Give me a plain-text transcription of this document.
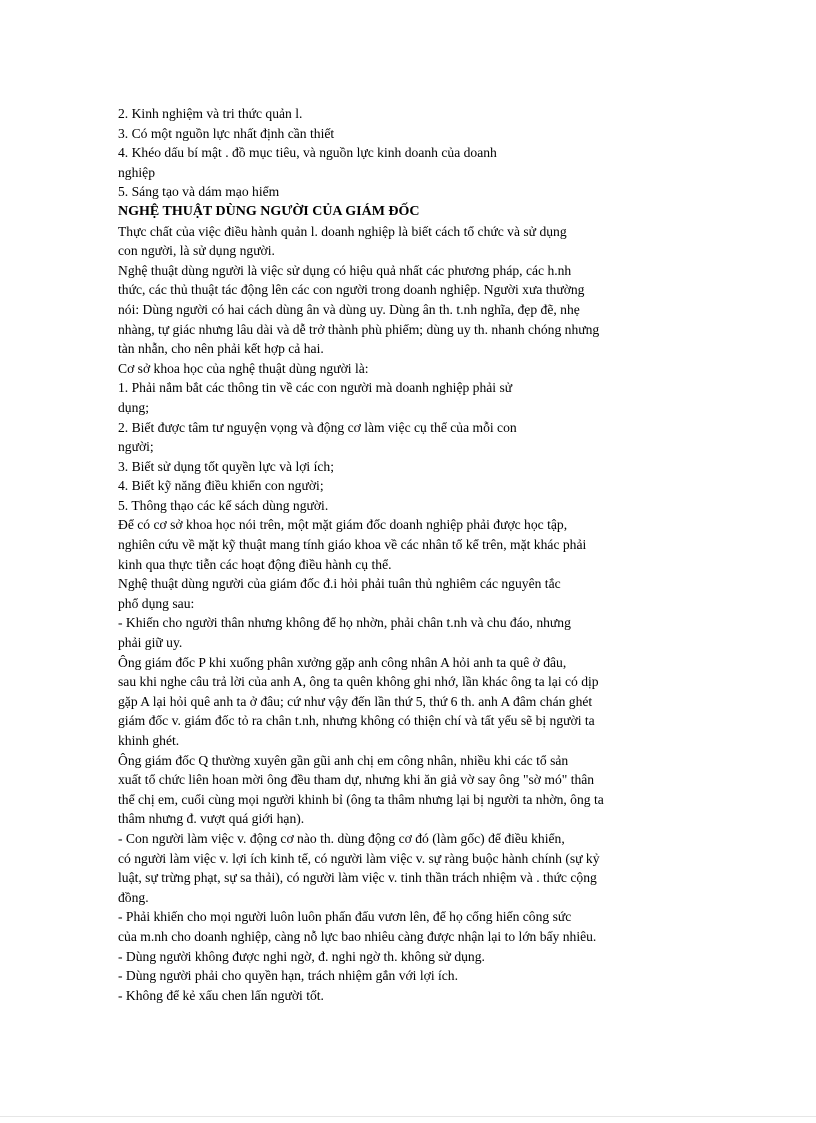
2. Kinh nghiệm và tri thức quản l.
3. Có một nguồn lực nhất định cần thiết
4. Khéo dấu bí mật . đồ mục tiêu, và nguồn lực kinh doanh của doanh
nghiệp
5. Sáng tạo và dám mạo hiểm
NGHỆ THUẬT DÙNG NGƯỜI CỦA GIÁM ĐỐC
Thực chất của việc điều hành quản l. doanh nghiệp là biết cách tổ chức và sử dụng
con người, là sử dụng người.
Nghệ thuật dùng người là việc sử dụng có hiệu quả nhất các phương pháp, các h.nh
thức, các thủ thuật tác động lên các con người trong doanh nghiệp. Người xưa thường
nói: Dùng người có hai cách dùng ân và dùng uy. Dùng ân th. t.nh nghĩa, đẹp đẽ, nhẹ
nhàng, tự giác nhưng lâu dài và dễ trở thành phù phiếm; dùng uy th. nhanh chóng nhưng
tàn nhẫn, cho nên phải kết hợp cả hai.
Cơ sở khoa học của nghệ thuật dùng người là:
1. Phải nắm bắt các thông tin về các con người mà doanh nghiệp phải sử
dụng;
2. Biết được tâm tư nguyện vọng và động cơ làm việc cụ thể của mỗi con
người;
3. Biết sử dụng tốt quyền lực và lợi ích;
4. Biết kỹ năng điều khiển con người;
5. Thông thạo các kế sách dùng người.
Để có cơ sở khoa học nói trên, một mặt giám đốc doanh nghiệp phải được học tập,
nghiên cứu về mặt kỹ thuật mang tính giáo khoa về các nhân tố kể trên, mặt khác phải
kinh qua thực tiễn các hoạt động điều hành cụ thể.
Nghệ thuật dùng người của giám đốc đ.i hỏi phải tuân thủ nghiêm các nguyên tắc
phổ dụng sau:
- Khiến cho người thân nhưng không để họ nhờn, phải chân t.nh và chu đáo, nhưng
phải giữ uy.
Ông giám đốc P khi xuống phân xưởng gặp anh công nhân A hỏi anh ta quê ở đâu,
sau khi nghe câu trả lời của anh A, ông ta quên không ghi nhớ, lần khác ông ta lại có dịp
gặp A lại hỏi quê anh ta ở đâu; cứ như vậy đến lần thứ 5, thứ 6 th. anh A đâm chán ghét
giám đốc v. giám đốc tỏ ra chân t.nh, nhưng không có thiện chí và tất yếu sẽ bị người ta
khinh ghét.
Ông giám đốc Q thường xuyên gần gũi anh chị em công nhân, nhiều khi các tổ sản
xuất tổ chức liên hoan mời ông đều tham dự, nhưng khi ăn giả vờ say ông "sờ mó" thân
thể chị em, cuối cùng mọi người khinh bỉ (ông ta thâm nhưng lại bị người ta nhờn, ông ta
thâm nhưng đ. vượt quá giới hạn).
- Con người làm việc v. động cơ nào th. dùng động cơ đó (làm gốc) để điều khiển,
có người làm việc v. lợi ích kinh tế, có người làm việc v. sự ràng buộc hành chính (sự kỷ
luật, sự trừng phạt, sự sa thải), có người làm việc v. tinh thần trách nhiệm và . thức cộng
đồng.
- Phải khiến cho mọi người luôn luôn phấn đấu vươn lên, để họ cống hiến công sức
của m.nh cho doanh nghiệp, càng nỗ lực bao nhiêu càng được nhận lại to lớn bấy nhiêu.
- Dùng người không được nghi ngờ, đ. nghi ngờ th. không sử dụng.
- Dùng người phải cho quyền hạn, trách nhiệm gắn với lợi ích.
- Không để kẻ xấu chen lấn người tốt.
